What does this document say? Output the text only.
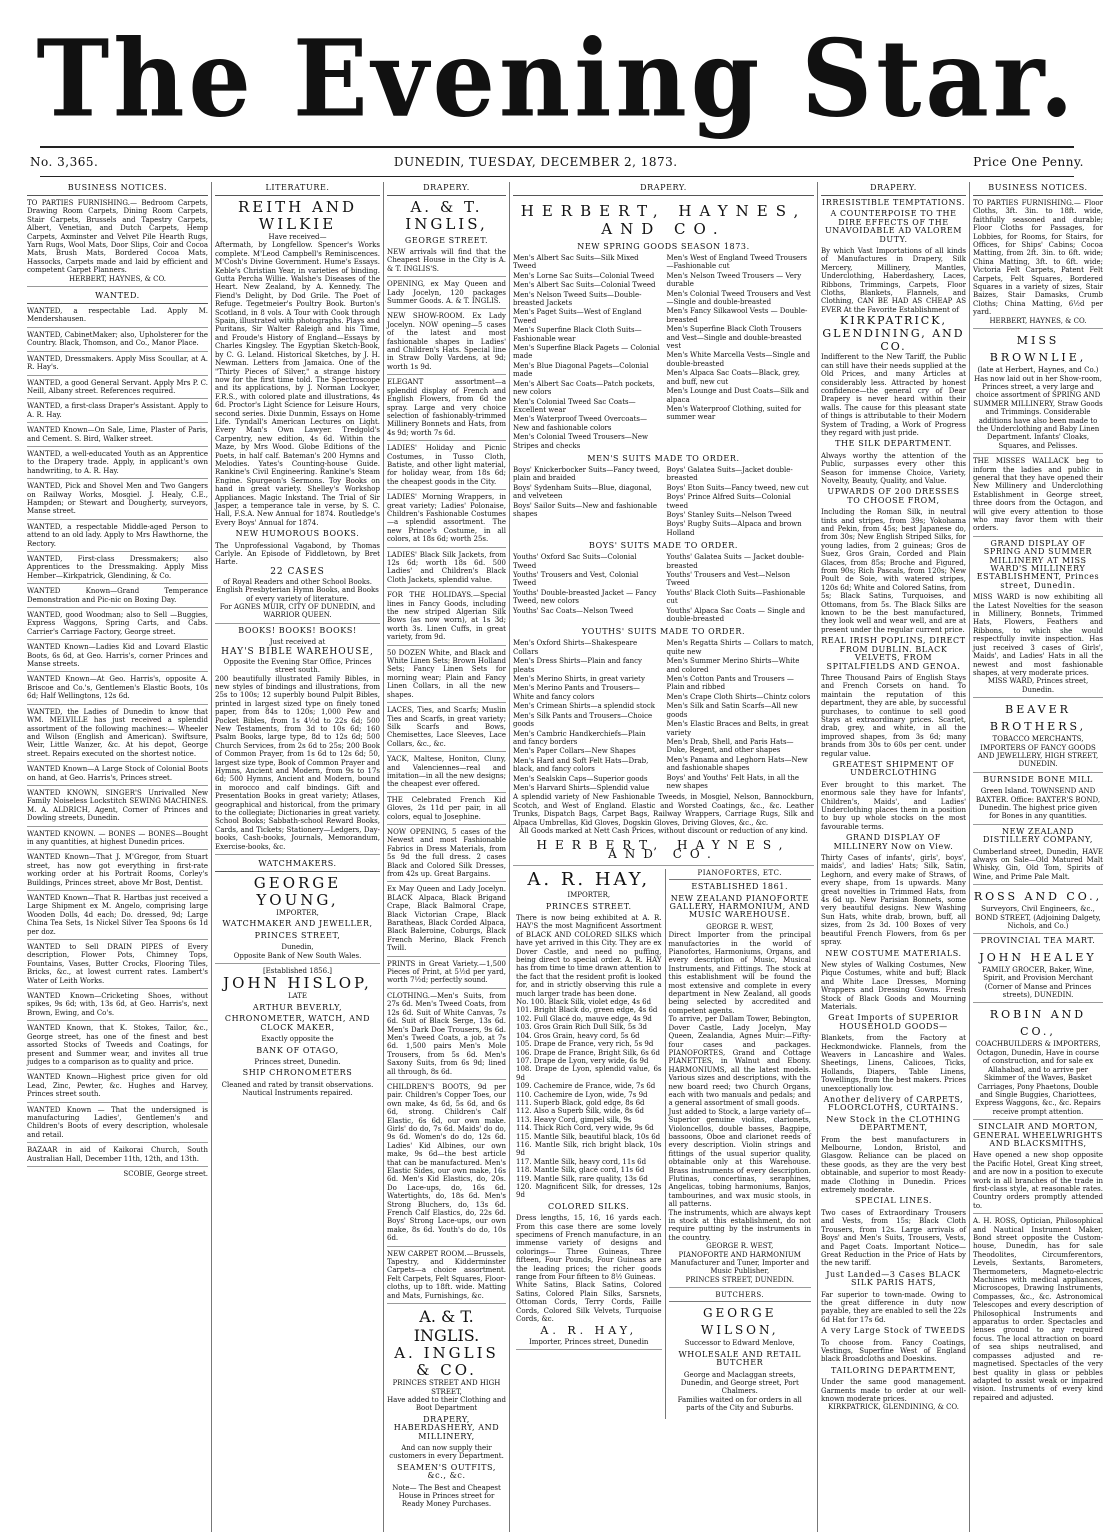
The Evening Star.
No. 3,365.	DUNEDIN, TUESDAY, DECEMBER 2, 1873.	Price One Penny.
BUSINESS NOTICES.
TO PARTIES FURNISHING.— Bedroom Carpets, Drawing Room Carpets, Dining Room Carpets, Stair Carpets, Brussels and Tapestry Carpets, Albert, Venetian, and Dutch Carpets, Hemp Carpets, Axminster and Velvet Pile Hearth Rugs, Yarn Rugs, Wool Mats, Door Slips, Coir and Cocoa Mats, Brush Mats, Bordered Cocoa Mats, Hassocks, Carpets made and laid by efficient and competent Carpet Planners.
HERBERT, HAYNES, & CO.
WANTED.
WANTED, a respectable Lad. Apply M. Mendershausen.
WANTED, CabinetMaker; also, Upholsterer for the Country. Black, Thomson, and Co., Manor Place.
WANTED, Dressmakers. Apply Miss Scoullar, at A. R. Hay's.
WANTED, a good General Servant. Apply Mrs P. C. Neill, Albany street. References required.
WANTED, a first-class Draper's Assistant. Apply to A. R. Hay.
WANTED Known—On Sale, Lime, Plaster of Paris, and Cement. S. Bird, Walker street.
WANTED, a well-educated Youth as an Apprentice to the Drapery trade. Apply, in applicant's own handwriting, to A. R. Hay.
WANTED, Pick and Shovel Men and Two Gangers on Railway Works, Mosgiel. J. Healy, C.E., Hampden; or Stewart and Dougherty, surveyors, Manse street.
WANTED, a respectable Middle-aged Person to attend to an old lady. Apply to Mrs Hawthorne, the Rectory.
WANTED, First-class Dressmakers; also Apprentices to the Dressmaking. Apply Miss Hember—Kirkpatrick, Glendining, & Co.
WANTED Known—Grand Temperance Demonstration and Pic-nic on Boxing Day.
WANTED, good Woodman; also to Sell —Buggies, Express Waggons, Spring Carts, and Cabs. Carrier's Carriage Factory, George street.
WANTED Known—Ladies Kid and Lovard Elastic Boots, 6s 6d, at Geo. Harris's, corner Princes and Manse streets.
WANTED Known—At Geo. Harris's, opposite A. Briscoe and Co.'s, Gentlemen's Elastic Boots, 10s 6d; Half Wellingtons, 12s 6d.
WANTED, the Ladies of Dunedin to know that WM. MELVILLE has just received a splendid assortment of the following machines:— Wheeler and Wilson (English and American). Swiftsure, Weir, Little Wanzer, &c. At his depot, George street. Repairs executed on the shortest notice.
WANTED Known—A Large Stock of Colonial Boots on hand, at Geo. Harris's, Princes street.
WANTED KNOWN, SINGER'S Unrivalled New Family Noiseless Lockstitch SEWING MACHINES. M. A. ALDRICH, Agent, Corner of Princes and Dowling streets, Dunedin.
WANTED KNOWN. — BONES — BONES—Bought in any quantities, at highest Dunedin prices.
WANTED Known—That J. M'Gregor, from Stuart street, has now got everything in first-rate working order at his Portrait Rooms, Corley's Buildings, Princes street, above Mr Bost, Dentist.
WANTED Known—That R. Hartbas just received a Large Shipment ex M. Angelo, comprising large Wooden Dolls, 4d each; Do. dressed, 9d; Large China Tea Sets, 1s Nickel Silver Tea Spoons 6s 1d per doz.
WANTED to Sell DRAIN PIPES of Every description, Flower Pots, Chimney Tops, Fountains, Vases, Butter Crocks, Flooring Tiles, Bricks, &c., at lowest current rates. Lambert's Water of Leith Works.
WANTED Known—Cricketing Shoes, without spikes, 9s 6d; with, 13s 6d, at Geo. Harris's, next Brown, Ewing, and Co's.
WANTED Known, that K. Stokes, Tailor, &c., George street, has one of the finest and best assorted Stocks of Tweeds and Coatings, for present and Summer wear, and invites all true judges to a comparison as to quality and price.
WANTED Known—Highest price given for old Lead, Zinc, Pewter, &c. Hughes and Harvey, Princes street south.
WANTED Known — That the undersigned is manufacturing Ladies', Gentlemen's and Children's Boots of every description, wholesale and retail.
BAZAAR in aid of Kaikorai Church, South Australian Hall, December 11th, 12th, and 13th.
SCOBIE, George street.
LITERATURE.
REITH AND WILKIE
Have received—
Aftermath, by Longfellow. Spencer's Works complete. M'Leod Campbell's Reminiscences. M'Cosh's Divine Government. Hume's Essays. Keble's Christian Year, in varieties of binding. Gutta Percha Willie. Walshe's Diseases of the Heart. New Zealand, by A. Kennedy. The Fiend's Delight, by Dod Grile. The Poet of Refuge. Tegetmeier's Poultry Book. Burton's Scotland, in 8 vols. A Tour with Cook through Spain, illustrated with photographs. Plays and Puritans, Sir Walter Raleigh and his Time, and Froude's History of England—Essays by Charles Kingsley. The Egyptian Sketch-Book, by C. G. Leland. Historical Sketches, by J. H. Newman. Letters from Jamaica. One of the "Thirty Pieces of Silver," a strange history now for the first time told. The Spectroscope and its applications, by J. Norman Lockyer, F.R.S., with colored plate and illustrations, 4s 6d. Proctor's Light Science for Leisure Hours, second series. Dixie Dunmin, Essays on Home Life. Tyndall's American Lectures on Light. Every Man's Own Lawyer. Tredgold's Carpentry, new edition, 4s 6d. Within the Maze, by Mrs Wood. Globe Editions of the Poets, in half calf. Bateman's 200 Hymns and Melodies. Yates's Counting-house Guide. Rankine's Civil Engineering. Rankine's Steam Engine. Spurgeon's Sermons. Toy Books on hand in great variety. Shelley's Workshop Appliances. Magic Inkstand. The Trial of Sir Jasper, a temperance tale in verse, by S. C. Hall, F.S.A. New Annual for 1874. Routledge's Every Boys' Annual for 1874.
NEW HUMOROUS BOOKS.
The Unprofessional Vagabond, by Thomas Carlyle. An Episode of Fiddletown, by Bret Harte.
22 CASES
of Royal Readers and other School Books. English Presbyterian Hymn Books, and Books of every variety of literature.
For AGNES MUIR, CITY OF DUNEDIN, and WARRIOR QUEEN.
BOOKS! BOOKS! BOOKS!
Just received at
HAY'S BIBLE WAREHOUSE,
Opposite the Evening Star Office, Princes street south.
200 beautifully illustrated Family Bibles, in new styles of bindings and illustrations, from 25s to 100s; 12 superbly bound Pulpit Bibles, printed in largest sized type on finely toned paper, from 84s to 120s; 1,000 Pew and Pocket Bibles, from 1s 4½d to 22s 6d; 500 New Testaments, from 3d to 10s 6d; 160 Psalm Books, large type, 8d to 12s 6d; 500 Church Services, from 2s 6d to 25s; 200 Book of Common Prayer, from 1s 6d to 12s 6d; 50, largest size type, Book of Common Prayer and Hymns, Ancient and Modern, from 9s to 17s 6d; 500 Hymns, Ancient and Modern, bound in morocco and calf bindings. Gift and Presentation Books in great variety; Atlases, geographical and historical, from the primary to the collegiate; Dictionaries in great variety. School Books; Sabbath-school Reward Books, Cards, and Tickets; Stationery—Ledgers, Day-books, Cash-books, Journals, Memorandum, Exercise-books, &c.
WATCHMAKERS.
GEORGE YOUNG,
IMPORTER,
WATCHMAKER AND JEWELLER,
PRINCES STREET,
Dunedin,
Opposite Bank of New South Wales.
[Established 1856.]
JOHN HISLOP,
LATE
ARTHUR BEVERLY,
CHRONOMETER, WATCH, AND CLOCK MAKER,
Exactly opposite the
BANK OF OTAGO,
Princes street, Dunedin.
SHIP CHRONOMETERS
Cleaned and rated by transit observations. Nautical Instruments repaired.
DRAPERY.
A. & T. INGLIS,
GEORGE STREET.
NEW arrivals will find that the Cheapest House in the City is A. & T. INGLIS'S.
OPENING, ex May Queen and Lady Jocelyn, 120 packages Summer Goods. A. & T. INGLIS.
NEW SHOW-ROOM. Ex Lady Jocelyn. NOW opening—5 cases of the latest and most fashionable shapes in Ladies' and Children's Hats. Special line in Straw Dolly Vardens, at 9d; worth 1s 9d.
ELEGANT assortment—a splendid display of French and English Flowers, from 6d the spray. Large and very choice selection of fashionably-trimmed Millinery Bonnets and Hats, from 4s 9d; worth 7s 6d.
LADIES' Holiday and Picnic Costumes, in Tusso Cloth, Batiste, and other light material, for holiday wear, from 18s 6d; the cheapest goods in the City.
LADIES' Morning Wrappers, in great variety; Ladies' Polonaise, Children's Fashionable Costumes—a splendid assortment. The new Prince's Costume, in all colors, at 18s 6d; worth 25s.
LADIES' Black Silk Jackets, from 12s 6d; worth 18s 6d. 500 Ladies' and Children's Black Cloth Jackets, splendid value.
FOR THE HOLIDAYS.—Special lines in Fancy Goods, including the new striped Algerian Silk Bows (as now worn), at 1s 3d; worth 3s. Linen Cuffs, in great variety, from 9d.
50 DOZEN White, and Black and White Linen Sets; Brown Holland Sets; Fancy Linen Sets for morning wear; Plain and Fancy Linen Collars, in all the new shapes.
LACES, Ties, and Scarfs; Muslin Ties and Scarfs, in great variety; Silk Scarfs and Bows, Chemisettes, Lace Sleeves, Lace Collars, &c., &c.
YACK, Maltese, Honiton, Cluny, and Valenciennes—real and imitation—in all the new designs; the cheapest ever offered.
THE Celebrated French Kid Gloves, 2s 11d per pair, in all colors, equal to Josephine.
NOW OPENING, 5 cases of the Newest and most Fashionable Fabrics in Dress Materials, from 5s 9d the full dress. 2 cases Black and Colored Silk Dresses, from 42s up. Great Bargains.
Ex May Queen and Lady Jocelyn. BLACK Alpaca, Black Brigand Crape, Black Balmoral Crape, Black Victorian Crape, Black Baratheas, Black Corded Alpaca, Black Baleroine, Coburgs, Black French Merino, Black French Twill.
PRINTS in Great Variety.—1,500 Pieces of Print, at 5½d per yard, worth 7½d; perfectly sound.
CLOTHING.—Men's Suits, from 27s 6d. Men's Tweed Coats, from 12s 6d. Suit of White Canvas, 7s 6d. Suit of Black Serge, 13s 6d. Men's Dark Doe Trousers, 9s 6d. Men's Tweed Coats, a job, at 7s 6d. 1,500 pairs Men's Mole Trousers, from 5s 6d. Men's Saxony Suits, from 6s 9d; lined all through, 8s 6d.
CHILDREN'S BOOTS, 9d per pair. Children's Copper Toes, our own make, 4s 6d, 5s 6d, and 6s 6d, strong. Children's Calf Elastic, 6s 6d, our own make. Girls' do do, 7s 6d. Maids' do do, 9s 6d. Women's do do, 12s 6d. Ladies' Kid Albines, our own make, 9s 6d—the best article that can be manufactured. Men's Elastic Sides, our own make, 16s 6d. Men's Kid Elastics, do, 20s. Do Lace-ups, do, 16s 6d. Watertights, do, 18s 6d. Men's Strong Bluchers, do, 13s 6d. French Calf Elastics, do, 22s 6d. Boys' Strong Lace-ups, our own make, 8s 6d. Youth's do do, 10s 6d.
NEW CARPET ROOM.—Brussels, Tapestry, and Kidderminster Carpets—a choice assortment. Felt Carpets, Felt Squares, Floor-cloths, up to 18ft. wide. Matting and Mats, Furnishings, &c.
A. & T. INGLIS.
A. INGLIS & CO.
PRINCES STREET AND HIGH STREET,
Have added to their Clothing and Boot Department
DRAPERY, HABERDASHERY, AND MILLINERY,
And can now supply their customers in every Department.
SEAMEN'S OUTFITS, &c., &c.
Note— The Best and Cheapest House in Princes street for Ready Money Purchases.
DRAPERY.
HERBERT, HAYNES, AND CO.
NEW SPRING GOODS SEASON 1873.

Men's Albert Sac Suits—Silk Mixed Tweed

Men's Lorne Sac Suits—Colonial Tweed

Men's Albert Sac Suits—Colonial Tweed

Men's Nelson Tweed Suits—Double-breasted Jackets

Men's Paget Suits—West of England Tweed

Men's Superfine Black Cloth Suits—Fashionable wear

Men's Superfine Black Pagets — Colonial made

Men's Blue Diagonal Pagets—Colonial made

Men's Albert Sac Coats—Patch pockets, new colors

Men's Colonial Tweed Sac Coats—Excellent wear

Men's Waterproof Tweed Overcoats—New and fashionable colors

Men's Colonial Tweed Trousers—New Stripes and checks

Men's West of England Tweed Trousers—Fashionable cut

Men's Nelson Tweed Trousers — Very durable

Men's Colonial Tweed Trousers and Vest—Single and double-breasted

Men's Fancy Silkawool Vests — Double-breasted

Men's Superfine Black Cloth Trousers and Vest—Single and double-breasted vest

Men's White Marcella Vests—Single and double-breasted

Men's Alpaca Sac Coats—Black, grey, and buff, new cut

Men's Lounge and Dust Coats—Silk and alpaca

Men's Waterproof Clothing, suited for summer wear

MEN'S SUITS MADE TO ORDER.

Boys' Knickerbocker Suits—Fancy tweed, plain and braided

Boys' Sydenham Suits—Blue, diagonal, and velveteen

Boys' Sailor Suits—New and fashionable shapes

Boys' Galatea Suits—Jacket double-breasted

Boys' Eton Suits—Fancy tweed, new cut

Boys' Prince Alfred Suits—Colonial tweed

Boys' Stanley Suits—Nelson Tweed

Boys' Rugby Suits—Alpaca and brown Holland

BOYS' SUITS MADE TO ORDER.

Youths' Oxford Sac Suits—Colonial Tweed

Youths' Trousers and Vest, Colonial Tweed

Youths' Double-breasted Jacket — Fancy Tweed, new colors

Youths' Sac Coats—Nelson Tweed

Youths' Galatea Suits — Jacket double-breasted

Youths' Trousers and Vest—Nelson Tweed

Youths' Black Cloth Suits—Fashionable cut

Youths' Alpaca Sac Coats — Single and double-breasted

YOUTHS' SUITS MADE TO ORDER.

Men's Oxford Shirts—Shakespeare Collars

Men's Dress Shirts—Plain and fancy pleats

Men's Merino Shirts, in great variety

Men's Merino Pants and Trousers—White and fancy colors

Men's Crimean Shirts—a splendid stock

Men's Silk Pants and Trousers—Choice goods

Men's Cambric Handkerchiefs—Plain and fancy borders

Men's Paper Collars—New Shapes

Men's Hard and Soft Felt Hats—Drab, black, and fancy colors

Men's Sealskin Caps—Superior goods

Men's Harvard Shirts—Splendid value

Men's Regatta Shirts — Collars to match, quite new

Men's Summer Merino Shirts—White and colored

Men's Cotton Pants and Trousers — Plain and ribbed

Men's Crape Cloth Shirts—Chintz colors

Men's Silk and Satin Scarfs—All new goods

Men's Elastic Braces and Belts, in great variety

Men's Drab, Shell, and Paris Hats—Duke, Regent, and other shapes

Men's Panama and Leghorn Hats—New and fashionable shapes

Boys' and Youths' Felt Hats, in all the new shapes

A splendid variety of New Fashionable Tweeds, in Mosgiel, Nelson, Bannockburn, Scotch, and West of England. Elastic and Worsted Coatings, &c., &c. Leather Trunks, Dispatch Bags, Carpet Bags, Railway Wrappers, Carriage Rugs, Silk and Alpaca Umbrellas, Kid Gloves, Dogskin Gloves, Driving Gloves, &c., &c.
All Goods marked at Nett Cash Prices, without discount or reduction of any kind.
HERBERT, HAYNES, AND CO.
A. R. HAY,
IMPORTER,
PRINCES STREET.
There is now being exhibited at A. R. HAY'S the most Magnificent Assortment of BLACK AND COLORED SILKS which have yet arrived in this City. They are ex Dover Castle, and need no puffing, being direct to special order. A. R. HAY has from time to time drawn attention to the fact that the resident profit is looked for, and in strictly observing this rule a much larger trade has been done.
No. 100. Black Silk, violet edge, 4s 6d
101. Bright Black do, green edge, 4s 6d
102. Full Glacé do, mauve edge, 4s 9d
103. Gros Grain Rich Dull Silk, 5s 3d
104. Gros Grain, heavy cord, 5s 6d
105. Drape de France, very rich, 5s 9d
106. Drape de France, Bright Silk, 6s 6d
107. Drape de Lyon, very wide, 6s 9d
108. Drape de Lyon, splendid value, 6s 9d
109. Cachemire de France, wide, 7s 6d
110. Cachemire de Lyon, wide, 7s 9d
111. Superb Black, gold edge, 8s 6d
112. Also a Superb Silk, wide, 8s 6d
113. Heavy Cord, gimpel silk, 9s
114. Thick Rich Cord, very wide, 9s 6d
115. Mantle Silk, beautiful black, 10s 6d
116. Mantle Silk, rich bright black, 10s 9d
117. Mantle Silk, heavy cord, 11s 6d
118. Mantle Silk, glacé cord, 11s 6d
119. Mantle Silk, rare quality, 13s 6d
120. Magnificent Silk, for dresses, 12s 9d
COLORED SILKS.
Dress lengths, 15, 16, 16 yards each. From this case there are some lovely specimens of French manufacture, in an immense variety of designs and colorings— Three Guineas, Three fifteen, Four Pounds, Four Guineas are the leading prices; the richer goods range from Four fifteen to 8½ Guineas.
White Satins, Black Satins, Colored Satins, Colored Plain Silks, Sarsnets, Ottoman Cords, Terry Cords, Faille Cords, Colored Silk Velvets, Turquoise Cords, &c.
A. R. HAY,
Importer, Princes street, Dunedin
PIANOFORTES, ETC.
ESTABLISHED 1861.
NEW ZEALAND PIANOFORTE GALLERY, HARMONIUM, AND MUSIC WAREHOUSE.
GEORGE R. WEST,
Direct Importer from the principal manufactories in the world of Pianofortes, Harmoniums, Organs, and every description of Music, Musical Instruments, and Fittings. The stock at this establishment will be found the most extensive and complete in every department in New Zealand, all goods being selected by accredited and competent agents.
To arrive, per Dallam Tower, Bebington, Dover Castle, Lady Jocelyn, May Queen, Zealandia, Agnes Muir:—Fifty-four cases and packages. PIANOFORTES, Grand and Cottage PIANETTES, in Walnut and Ebony. HARMONIUMS, all the latest models. Various sizes and descriptions, with the new board reed; two Church Organs, each with two manuals and pedals; and a general assortment of small goods.
Just added to Stock, a large variety of— Superior genuine violins, clarionets, Violoncellos, double basses, Bagpipe, bassoons, Oboe and clarionet reeds of every description. Violin strings and fittings of the usual superior quality, obtainable only at this Warehouse. Brass instruments of every description. Flutinas, concertinas, seraphines, Angelicas, tobing harmoniums, Banjos, tambourines, and wax music stools, in all patterns.
The instruments, which are always kept in stock at this establishment, do not require putting by the instruments in the country.
GEORGE R. WEST,
PIANOFORTE AND HARMONIUM Manufacturer and Tuner, Importer and Music Publisher,
PRINCES STREET, DUNEDIN.
BUTCHERS.
GEORGE WILSON,
Successor to Edward Menlove,
WHOLESALE AND RETAIL BUTCHER
George and Maclaggan streets, Dunedin, and George street, Port Chalmers.
Families waited on for orders in all parts of the City and Suburbs.
DRAPERY.
IRRESISTIBLE TEMPTATIONS.
A COUNTERPOISE TO THE DIRE EFFECTS OF THE UNAVOIDABLE AD VALOREM DUTY.
By which Vast Importations of all kinds of Manufactures in Drapery, Silk Mercery, Millinery, Mantles, Underclothing, Haberdashery, Laces, Ribbons, Trimmings, Carpets, Floor Cloths, Blankets, Flannels, and Clothing, CAN BE HAD AS CHEAP AS EVER At the Favorite Establishment of
KIRKPATRICK, GLENDINING, AND CO.
Indifferent to the New Tariff, the Public can still have their needs supplied at the Old Prices, and many Articles at considerably less. Attracted by honest confidence—the general cry of Dear Drapery is never heard within their walls. The cause for this pleasant state of things is attributable to their Modern System of Trading, a Work of Progress they regard with just pride.
THE SILK DEPARTMENT.
Always worthy the attention of the Public, surpasses every other this Season for immense Choice, Variety, Novelty, Beauty, Quality, and Value.
UPWARDS OF 200 DRESSES TO CHOOSE FROM,
Including the Roman Silk, in neutral tints and stripes, from 39s; Yokohama and Pekin, from 45s; best Japanese do, from 30s; New English Striped Silks, for young ladies, from 2 guineas; Gros de Suez, Gros Grain, Corded and Plain Glaces, from 85s; Broche and Figured, from 90s; Rich Pascals, from 120s; New Poult de Soie, with watered stripes, 120s 6d; White and Colored Satins, from 5s; Black Satins, Turquoises, and Ottomans, from 5s. The Black Silks are known to be the best manufactured, they look well and wear well, and are at present under the regular current price.
REAL IRISH POPLINS, DIRECT FROM DUBLIN. BLACK VELVETS, FROM SPITALFIELDS AND GENOA.
Three Thousand Pairs of English Stays and French Corsets on hand. To maintain the reputation of this department, they are able, by successful purchases, to continue to sell good Stays at extraordinary prices. Scarlet, drab, grey, and white, in all the improved shapes, from 3s 6d; many brands from 30s to 60s per cent. under regular value.
GREATEST SHIPMENT OF UNDERCLOTHING
Ever brought to this market. The enormous sale they have for Infants', Children's, Maids', and Ladies' Underclothing places them in a position to buy up whole stocks on the most favourable terms.
GRAND DISPLAY OF MILLINERY Now on View.
Thirty Cases of infants', girls', boys', maids', and ladies' Hats; Silk, Satin, Leghorn, and every make of Straws, of every shape, from 1s upwards. Many great novelties in Trimmed Hats, from 4s 6d up. New Parisian Bonnets, some very beautiful designs. New Washing Sun Hats, white drab, brown, buff, all sizes, from 2s 3d. 100 Boxes of very beautiful French Flowers, from 6s per spray.
NEW COSTUME MATERIALS.
New styles of Walking Costumes, New Pique Costumes, white and buff; Black and White Lace Dresses, Morning Wrappers and Dressing Gowns. Fresh Stock of Black Goods and Mourning Materials.
Great Imports of SUPERIOR HOUSEHOLD GOODS—
Blankets, from the Factory at Heckmondwicke. Flannels, from the Weavers in Lancashire and Wales. Sheetings, Linens, Calicoes, Ticks, Hollands, Diapers, Table Linens, Towellings, from the best makers. Prices unexceptionally low.
Another delivery of CARPETS, FLOORCLOTHS, CURTAINS.
New Stock in the CLOTHING DEPARTMENT,
From the best manufacturers in Melbourne, London, Bristol, and Glasgow. Reliance can be placed on these goods, as they are the very best obtainable, and superior to most Ready-made Clothing in Dunedin. Prices extremely moderate.
SPECIAL LINES.
Two cases of Extraordinary Trousers and Vests, from 15s; Black Cloth Trousers, from 12s. Large arrivals of Boys' and Men's Suits, Trousers, Vests, and Paget Coats. Important Notice—Great Reduction in the Price of Hats by the new tariff.
Just Landed—3 Cases BLACK SILK PARIS HATS,
Far superior to town-made. Owing to the great difference in duty now payable, they are enabled to sell the 22s 6d Hat for 17s 6d.
A very Large Stock of TWEEDS
To choose from. Fancy Coatings, Vestings, Superfine West of England black Broadcloths and Doeskins.
TAILORING DEPARTMENT,
Under the same good management. Garments made to order at our well-known moderate prices.
KIRKPATRICK, GLENDINING, & CO.
BUSINESS NOTICES.
TO PARTIES FURNISHING.— Floor Cloths, 3ft. 3in. to 18ft. wide, faithfully seasoned and durable; Floor Cloths for Passages, for Lobbies, for Rooms, for Stairs, for Offices, for Ships' Cabins; Cocoa Matting, from 2ft. 3in. to 6ft. wide; China Matting, 3ft. to 6ft. wide; Victoria Felt Carpets, Patent Felt Carpets, Felt Squares, Bordered Squares in a variety of sizes, Stair Baizes, Stair Damasks, Crumb Cloths; China Matting, 6½d per yard.
HERBERT, HAYNES, & CO.
MISS BROWNLIE,
(late at Herbert, Haynes, and Co.) Has now laid out in her Show-room, Princes street, a very large and choice assortment of SPRING AND SUMMER MILLINERY, Straw Goods and Trimmings. Considerable additions have also been made to the Underclothing and Baby Linen Department. Infants' Cloaks, Squares, and Pelisses.
THE MISSES WALLACK beg to inform the ladies and public in general that they have opened their New Millinery and Underclothing Establishment in George street, three doors from the Octagon, and will give every attention to those who may favor them with their orders.
GRAND DISPLAY OF SPRING AND SUMMER MILLINERY AT MISS WARD'S MILLINERY ESTABLISHMENT, Princes street, Dunedin.
MISS WARD is now exhibiting all the Latest Novelties for the season in Millinery, Bonnets, Trimmed Hats, Flowers, Feathers and Ribbons, to which she would respectfully invite inspection. Has just received 3 cases of Girls', Maids', and Ladies' Hats in all the newest and most fashionable shapes, at very moderate prices.
MISS WARD, Princes street, Dunedin.
BEAVER BROTHERS,
TOBACCO MERCHANTS, IMPORTERS OF FANCY GOODS AND JEWELLERY, HIGH STREET, DUNEDIN.
BURNSIDE BONE MILL
Green Island. TOWNSEND AND BAXTER. Office: BAXTER'S BOND, Dunedin. The highest price given for Bones in any quantities.
NEW ZEALAND DISTILLERY COMPANY,
Cumberland street, Dunedin, HAVE always on Sale—Old Matured Malt Whisky, Gin, Old Tom, Spirits of Wine, and Prime Pale Malt.
ROSS AND CO.,
Surveyors, Civil Engineers, &c., BOND STREET, (Adjoining Dalgety, Nichols, and Co.)
PROVINCIAL TEA MART.
JOHN HEALEY
FAMILY GROCER, Baker, Wine, Spirit, and Provision Merchant (Corner of Manse and Princes streets), DUNEDIN.
ROBIN AND CO.,
COACHBUILDERS & IMPORTERS, Octagon, Dunedin, Have in course of construction, and for sale ex Allahabad, and to arrive per Skimmer of the Waves, Basket Carriages, Pony Phaetons, Double and Single Buggies, Chariottees, Express Waggons, &c., &c. Repairs receive prompt attention.
SINCLAIR AND MORTON, GENERAL WHEELWRIGHTS AND BLACKSMITHS,
Have opened a new shop opposite the Pacific Hotel, Great King street, and are now in a position to execute work in all branches of the trade in first-class style, at reasonable rates. Country orders promptly attended to.
A. H. ROSS, Optician, Philosophical and Nautical Instrument Maker, Bond street opposite the Custom-house, Dunedin, has for sale Theodolites, Circumferentors, Levels, Sextants, Barometers, Thermometers, Magneto-electric Machines with medical appliances, Microscopes, Drawing Instruments, Compasses, &c., &c. Astronomical Telescopes and every description of Philosophical Instruments and apparatus to order. Spectacles and lenses ground to any required focus. The local attraction on board of sea ships neutralised, and compasses adjusted and re-magnetised. Spectacles of the very best quality in glass or pebbles adapted to assist weak or impaired vision. Instruments of every kind repaired and adjusted.
